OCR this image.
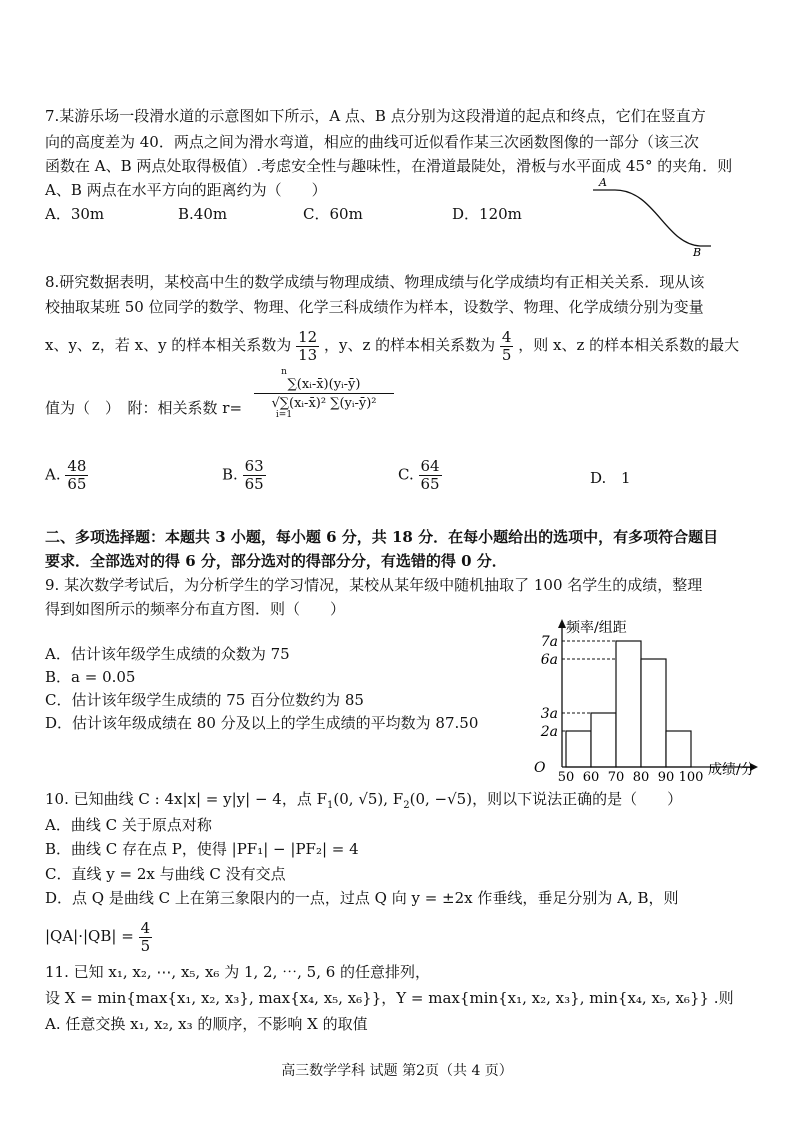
7.某游乐场一段滑水道的示意图如下所示，A 点、B 点分别为这段滑道的起点和终点，它们在竖直方
向的高度差为 40．两点之间为滑水弯道，相应的曲线可近似看作某三次函数图像的一部分（该三次
函数在 A、B 两点处取得极值）.考虑安全性与趣味性，在滑道最陡处，滑板与水平面成 45° 的夹角．则
A、B 两点在水平方向的距离约为（　　）
A．30m	B.40m	C．60m	D．120m
A
B
8.研究数据表明，某校高中生的数学成绩与物理成绩、物理成绩与化学成绩均有正相关关系．现从该
校抽取某班 50 位同学的数学、物理、化学三科成绩作为样本，设数学、物理、化学成绩分别为变量
x、y、z，若 x、y 的样本相关系数为 $\frac{12}{13}$ ，y、z 的样本相关系数为 $\frac{4}{5}$ ，则 x、z 的样本相关系数的最大
值为（　）　附：相关系数 r=
n
∑(xᵢ-x̄)(yᵢ-ȳ)
√∑(xᵢ-x̄)² ∑(yᵢ-ȳ)²
i=1
A. $\frac{48}{65}$	B. $\frac{63}{65}$	C. $\frac{64}{65}$	D. 1
二、多项选择题：本题共 3 小题，每小题 6 分，共 18 分．在每小题给出的选项中，有多项符合题目
要求．全部选对的得 6 分，部分选对的得部分分，有选错的得 0 分．
9. 某次数学考试后，为分析学生的学习情况，某校从某年级中随机抽取了 100 名学生的成绩，整理
得到如图所示的频率分布直方图．则（　　）
A．估计该年级学生成绩的众数为 75
B．a = 0.05
C．估计该年级学生成绩的 75 百分位数约为 85
D．估计该年级成绩在 80 分及以上的学生成绩的平均数为 87.50
频率/组距
成绩/分
O
50 60 70 80 90 100
2a
3a
6a
7a
10. 已知曲线 C : 4x|x| = y|y| − 4，点 $F_1(0$, √5), $F_2(0$, −√5)，则以下说法正确的是（　　）
A．曲线 C 关于原点对称
B．曲线 C 存在点 P，使得 |PF₁| − |PF₂| = 4
C．直线 y = 2x 与曲线 C 没有交点
D．点 Q 是曲线 C 上在第三象限内的一点，过点 Q 向 y = ±2x 作垂线，垂足分别为 A, B，则
$|QA|\cdot|QB| = \frac{4}{5}$
11. 已知 x₁, x₂, ⋯, x₅, x₆ 为 1, 2, ⋯, 5, 6 的任意排列，
设 X = min{max{x₁, x₂, x₃}, max{x₄, x₅, x₆}}，Y = max{min{x₁, x₂, x₃}, min{x₄, x₅, x₆}} .则
A. 任意交换 x₁, x₂, x₃ 的顺序，不影响 X 的取值
高三数学学科 试题 第2页（共 4 页）
